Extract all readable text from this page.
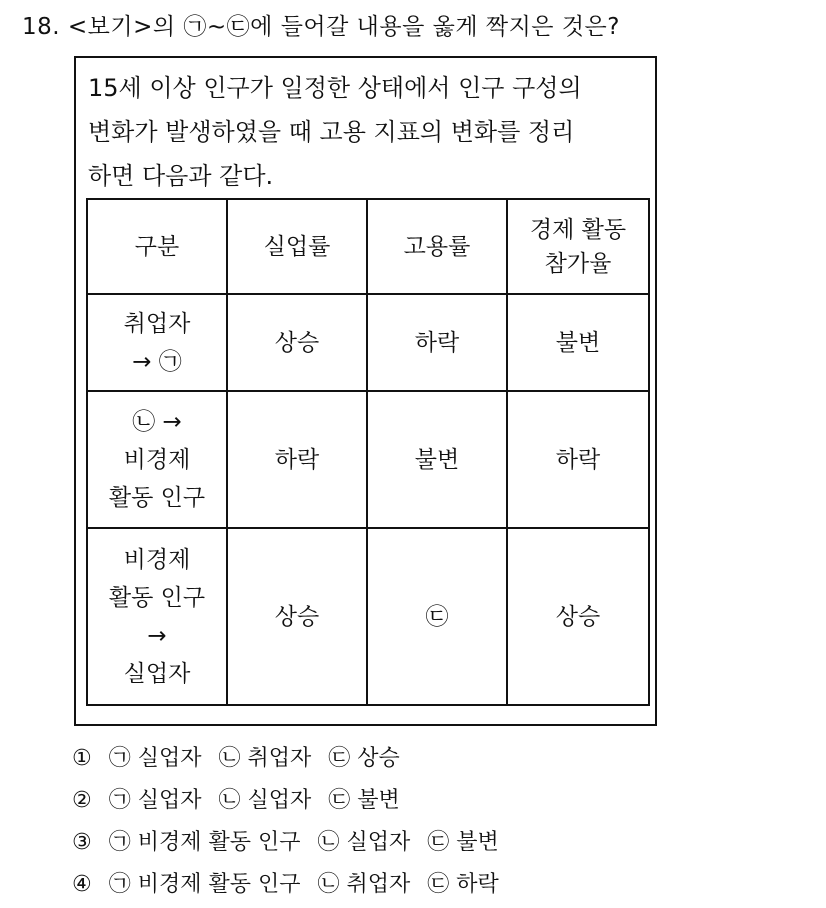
18. <보기>의 ㉠~㉢에 들어갈 내용을 옳게 짝지은 것은?
15세 이상 인구가 일정한 상태에서 인구 구성의
변화가 발생하였을 때 고용 지표의 변화를 정리
하면 다음과 같다.
구분	실업률	고용률	경제 활동
참가율

취업자
→ ㉠	상승	하락	불변

㉡ →
비경제
활동 인구	하락	불변	하락

비경제
활동 인구
→
실업자	상승	㉢	상승
① ㉠ 실업자 ㉡ 취업자 ㉢ 상승
② ㉠ 실업자 ㉡ 실업자 ㉢ 불변
③ ㉠ 비경제 활동 인구 ㉡ 실업자 ㉢ 불변
④ ㉠ 비경제 활동 인구 ㉡ 취업자 ㉢ 하락
